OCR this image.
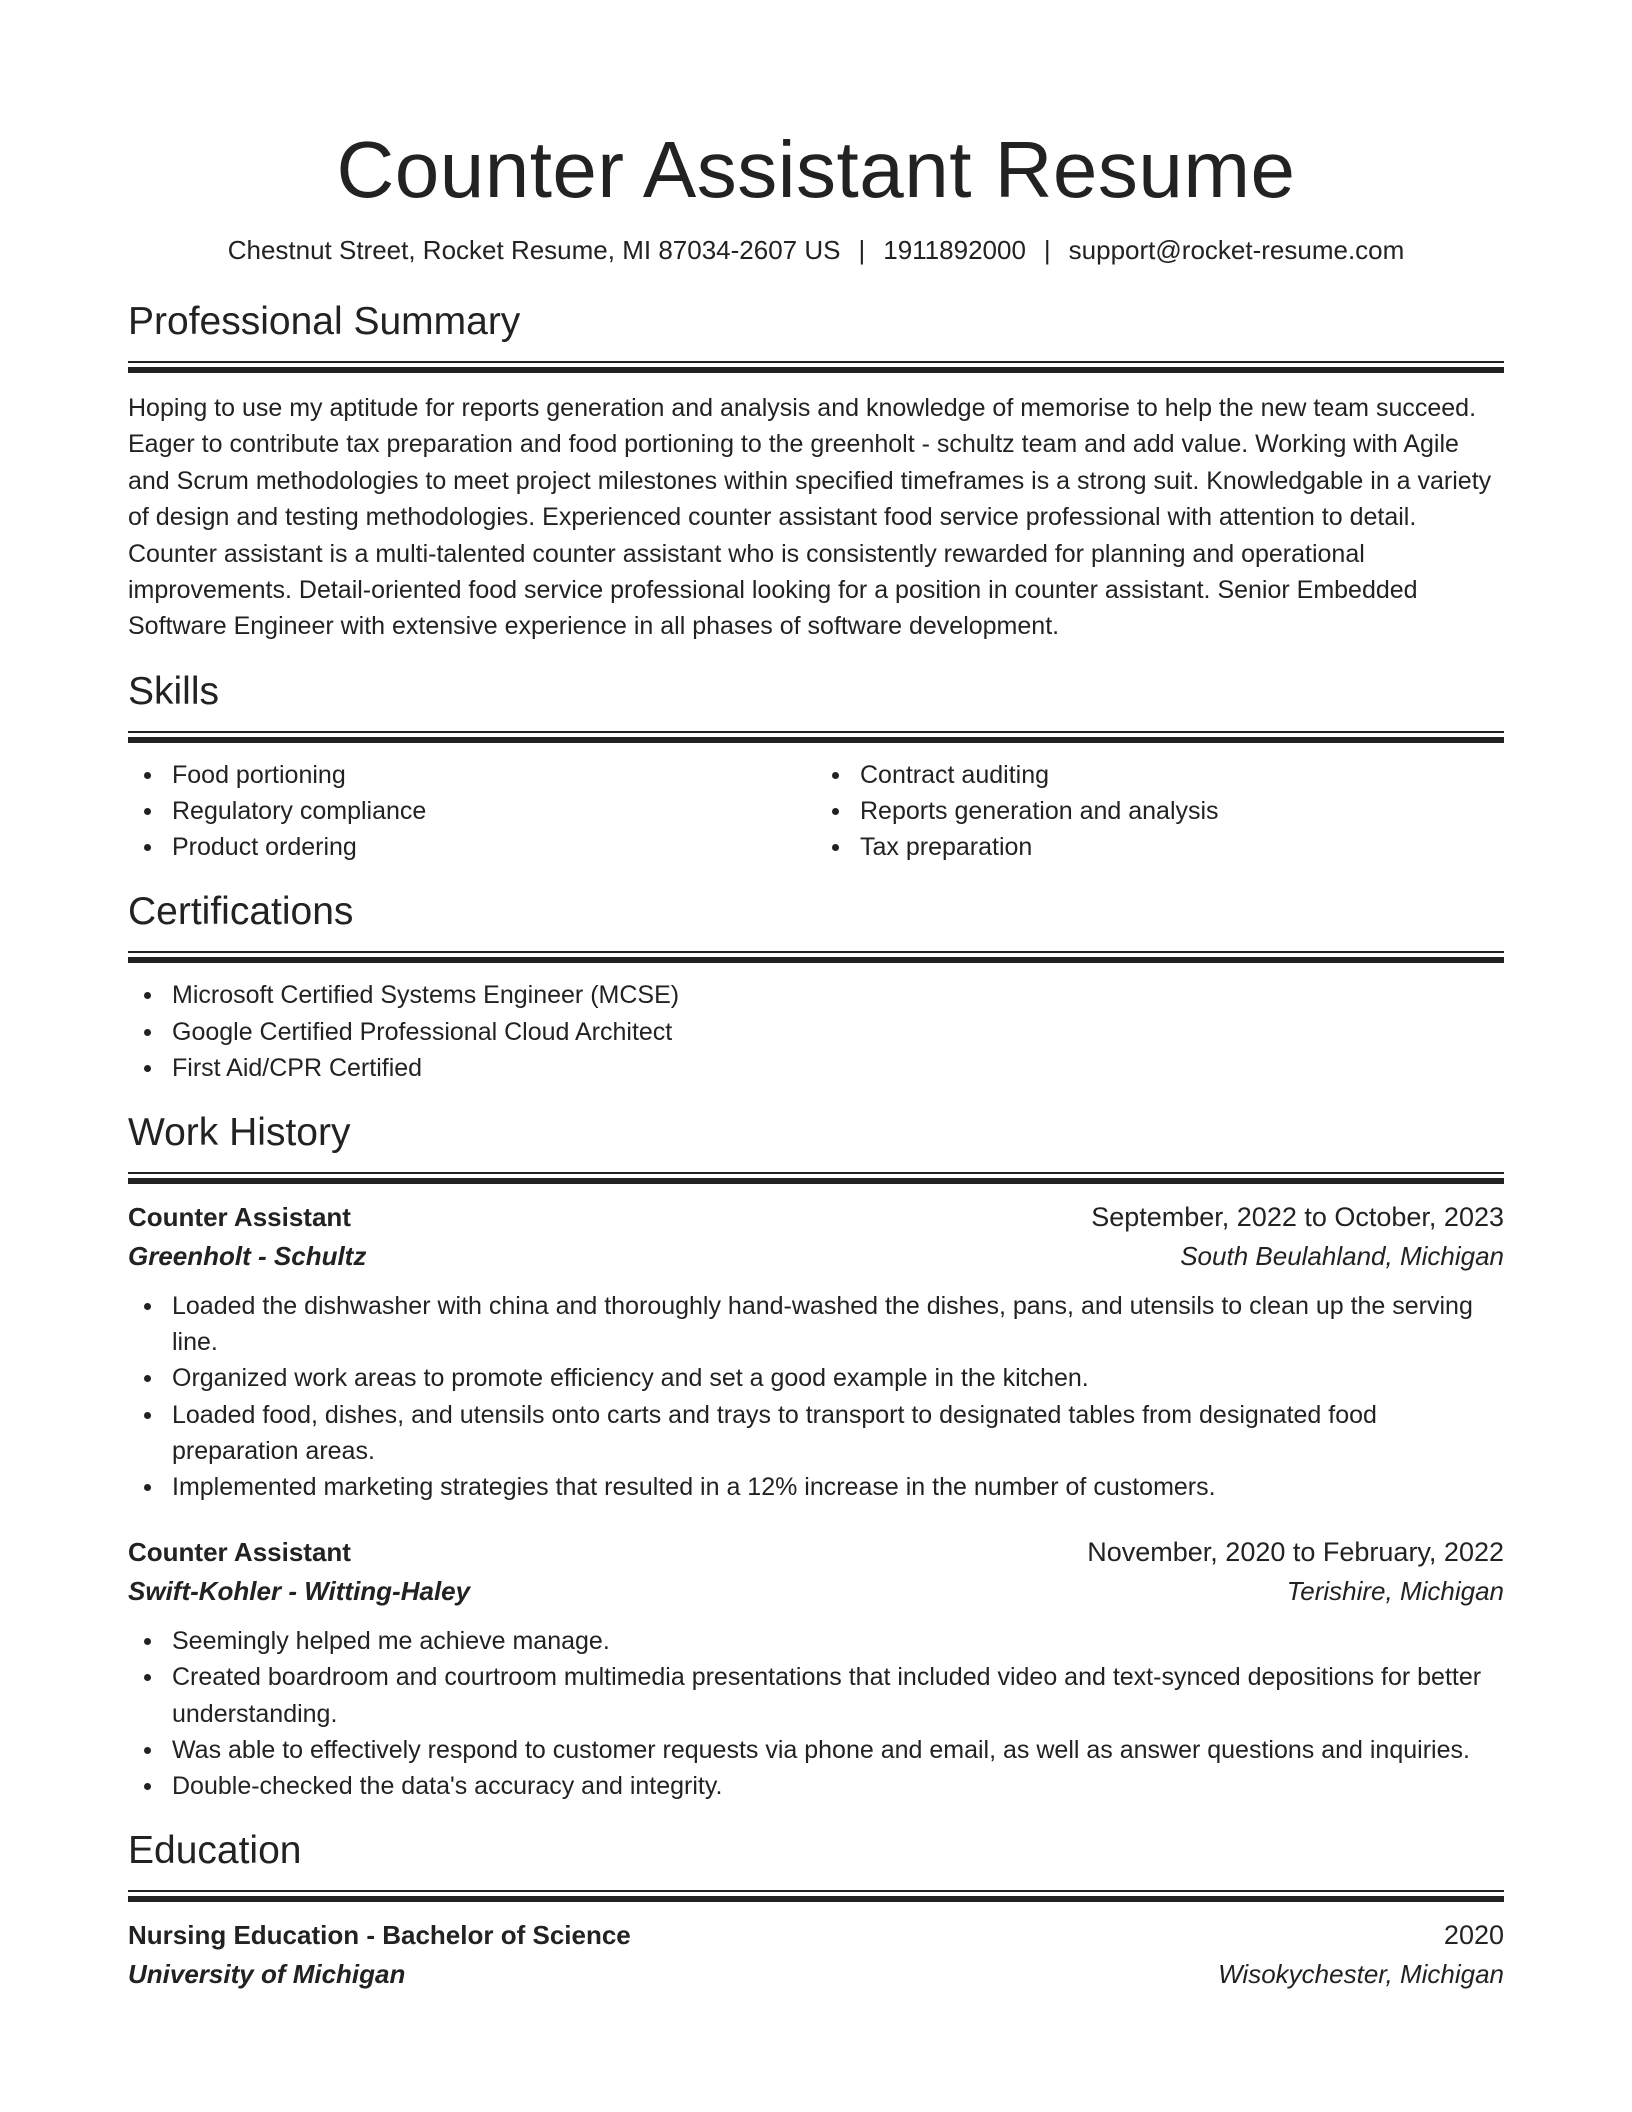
Counter Assistant Resume
Chestnut Street, Rocket Resume, MI 87034-2607 US | 1911892000 | support@rocket-resume.com
Professional Summary

Hoping to use my aptitude for reports generation and analysis and knowledge of memorise to help the new team succeed. Eager to contribute tax preparation and food portioning to the greenholt - schultz team and add value. Working with Agile and Scrum methodologies to meet project milestones within specified timeframes is a strong suit. Knowledgable in a variety of design and testing methodologies. Experienced counter assistant food service professional with attention to detail. Counter assistant is a multi-talented counter assistant who is consistently rewarded for planning and operational improvements. Detail-oriented food service professional looking for a position in counter assistant. Senior Embedded Software Engineer with extensive experience in all phases of software development.

Skills
Food portioning
Regulatory compliance
Product ordering
Contract auditing
Reports generation and analysis
Tax preparation
Certifications
Microsoft Certified Systems Engineer (MCSE)
Google Certified Professional Cloud Architect
First Aid/CPR Certified
Work History
Counter Assistant	September, 2022 to October, 2023
Greenholt - Schultz	South Beulahland, Michigan
Loaded the dishwasher with china and thoroughly hand-washed the dishes, pans, and utensils to clean up the serving line.
Organized work areas to promote efficiency and set a good example in the kitchen.
Loaded food, dishes, and utensils onto carts and trays to transport to designated tables from designated food preparation areas.
Implemented marketing strategies that resulted in a 12% increase in the number of customers.
Counter Assistant	November, 2020 to February, 2022
Swift-Kohler - Witting-Haley	Terishire, Michigan
Seemingly helped me achieve manage.
Created boardroom and courtroom multimedia presentations that included video and text-synced depositions for better understanding.
Was able to effectively respond to customer requests via phone and email, as well as answer questions and inquiries.
Double-checked the data's accuracy and integrity.
Education
Nursing Education - Bachelor of Science	2020
University of Michigan	Wisokychester, Michigan
